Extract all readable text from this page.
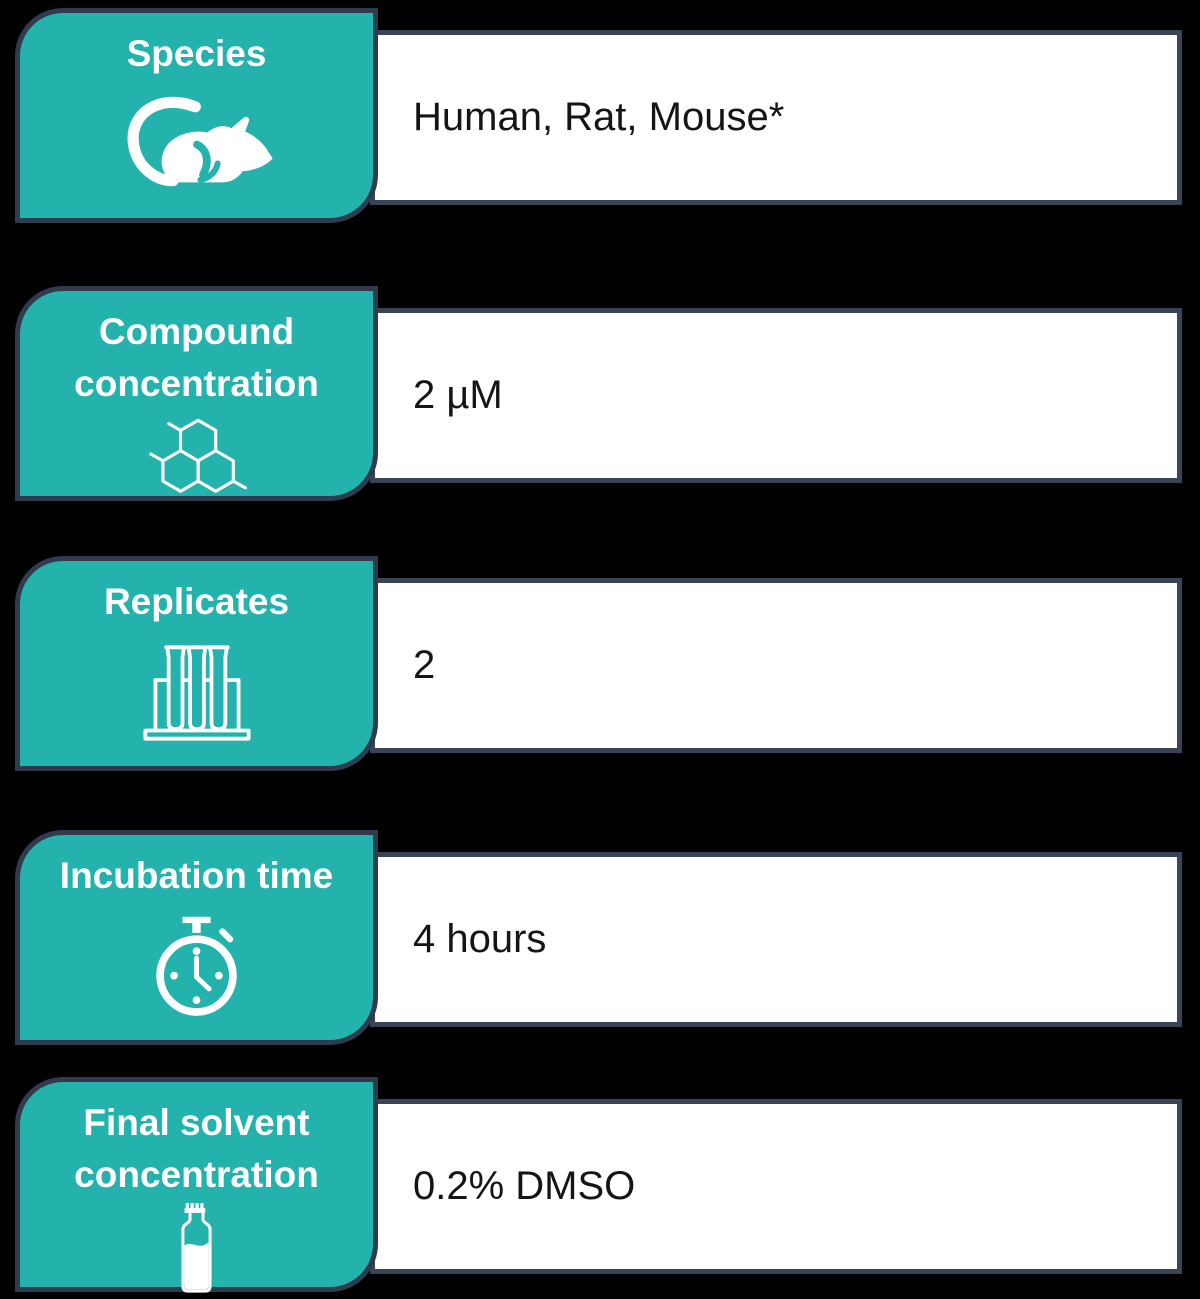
Human, Rat, Mouse*
Species
2 µM
Compound concentration
2
Replicates
4 hours
Incubation time
0.2% DMSO
Final solvent concentration
